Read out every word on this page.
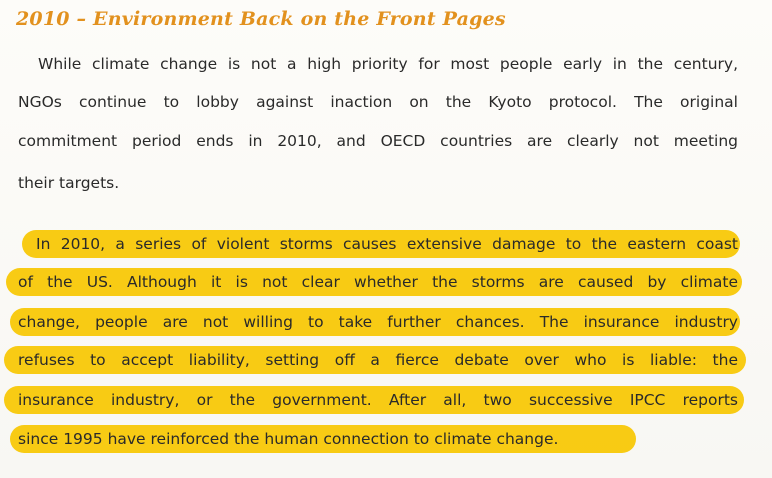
2010 – Environment Back on the Front Pages
While climate change is not a high priority for most people early in the century,
NGOs continue to lobby against inaction on the Kyoto protocol. The original
commitment period ends in 2010, and OECD countries are clearly not meeting
their targets.
In 2010, a series of violent storms causes extensive damage to the eastern coast
of the US. Although it is not clear whether the storms are caused by climate
change, people are not willing to take further chances. The insurance industry
refuses to accept liability, setting off a fierce debate over who is liable: the
insurance industry, or the government. After all, two successive IPCC reports
since 1995 have reinforced the human connection to climate change.
